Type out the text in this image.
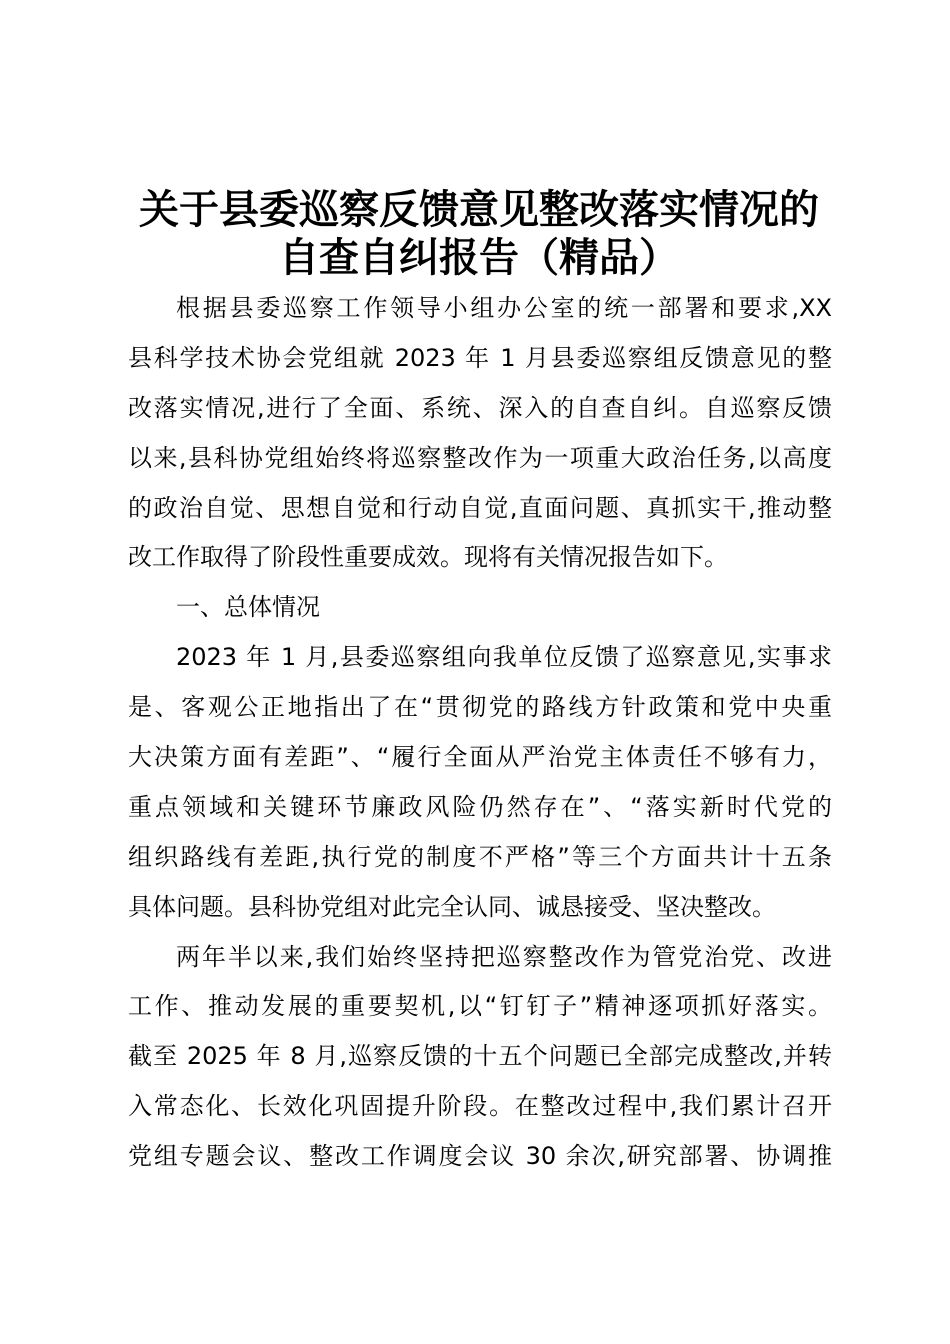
关于县委巡察反馈意见整改落实情况的
自查自纠报告（精品）
根据县委巡察工作领导小组办公室的统一部署和要求,XX
县科学技术协会党组就 2023 年 1 月县委巡察组反馈意见的整
改落实情况,进行了全面、系统、深入的自查自纠。自巡察反馈
以来,县科协党组始终将巡察整改作为一项重大政治任务,以高度
的政治自觉、思想自觉和行动自觉,直面问题、真抓实干,推动整
改工作取得了阶段性重要成效。现将有关情况报告如下。
一、总体情况
2023 年 1 月,县委巡察组向我单位反馈了巡察意见,实事求
是、客观公正地指出了在“贯彻党的路线方针政策和党中央重
大决策方面有差距”、“履行全面从严治党主体责任不够有力，
重点领域和关键环节廉政风险仍然存在”、“落实新时代党的
组织路线有差距,执行党的制度不严格”等三个方面共计十五条
具体问题。县科协党组对此完全认同、诚恳接受、坚决整改。
两年半以来,我们始终坚持把巡察整改作为管党治党、改进
工作、推动发展的重要契机,以“钉钉子”精神逐项抓好落实。
截至 2025 年 8 月,巡察反馈的十五个问题已全部完成整改,并转
入常态化、长效化巩固提升阶段。在整改过程中,我们累计召开
党组专题会议、整改工作调度会议 30 余次,研究部署、协调推
